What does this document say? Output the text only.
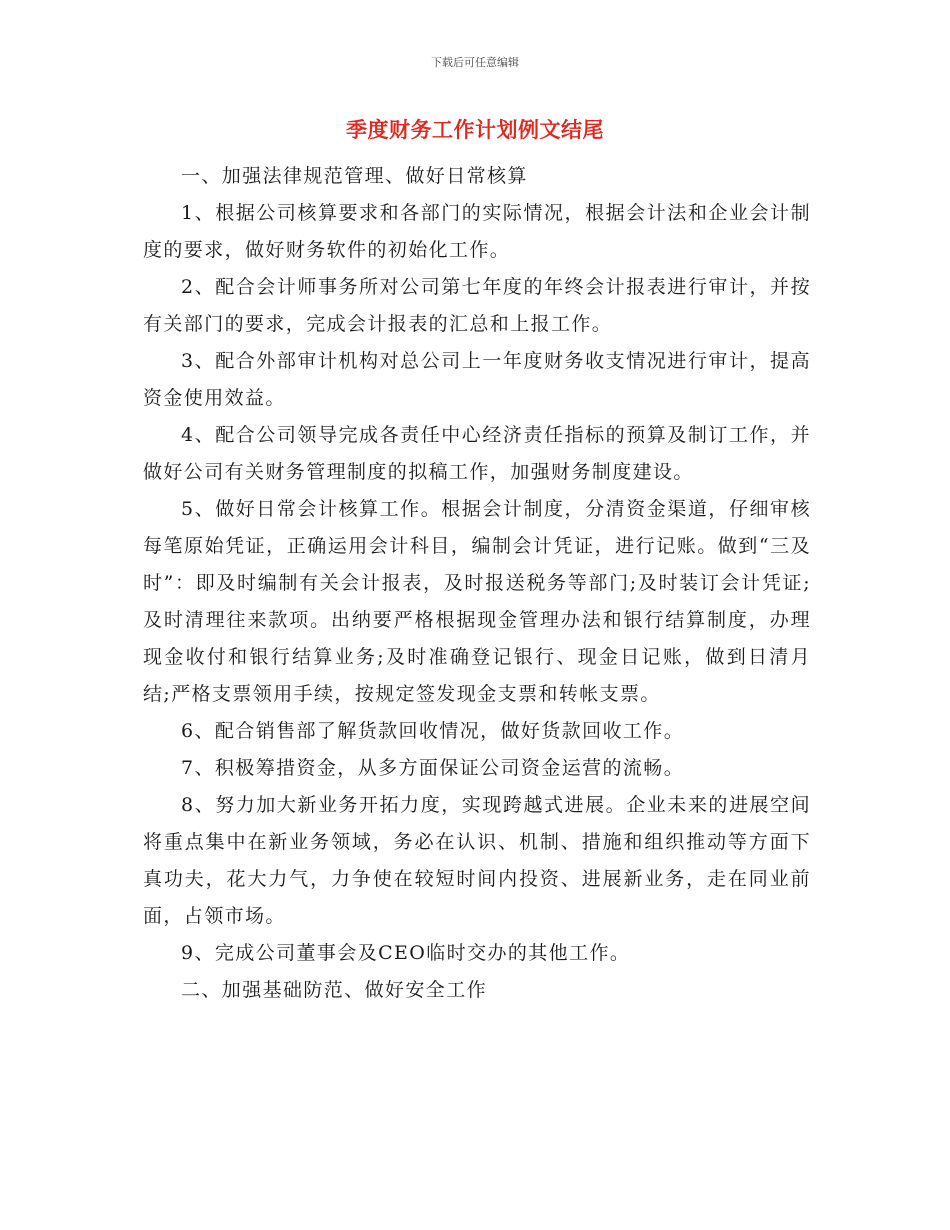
下载后可任意编辑
季度财务工作计划例文结尾

一、加强法律规范管理、做好日常核算

1、根据公司核算要求和各部门的实际情况，根据会计法和企业会计制度的要求，做好财务软件的初始化工作。

2、配合会计师事务所对公司第七年度的年终会计报表进行审计，并按有关部门的要求，完成会计报表的汇总和上报工作。

3、配合外部审计机构对总公司上一年度财务收支情况进行审计，提高资金使用效益。

4、配合公司领导完成各责任中心经济责任指标的预算及制订工作，并做好公司有关财务管理制度的拟稿工作，加强财务制度建设。

5、做好日常会计核算工作。根据会计制度，分清资金渠道，仔细审核每笔原始凭证，正确运用会计科目，编制会计凭证，进行记账。做到“三及时”：即及时编制有关会计报表，及时报送税务等部门;及时装订会计凭证;及时清理往来款项。出纳要严格根据现金管理办法和银行结算制度，办理现金收付和银行结算业务;及时准确登记银行、现金日记账，做到日清月结;严格支票领用手续，按规定签发现金支票和转帐支票。

6、配合销售部了解货款回收情况，做好货款回收工作。

7、积极筹措资金，从多方面保证公司资金运营的流畅。

8、努力加大新业务开拓力度，实现跨越式进展。企业未来的进展空间将重点集中在新业务领域，务必在认识、机制、措施和组织推动等方面下真功夫，花大力气，力争使在较短时间内投资、进展新业务，走在同业前面，占领市场。

9、完成公司董事会及CEO临时交办的其他工作。

二、加强基础防范、做好安全工作
